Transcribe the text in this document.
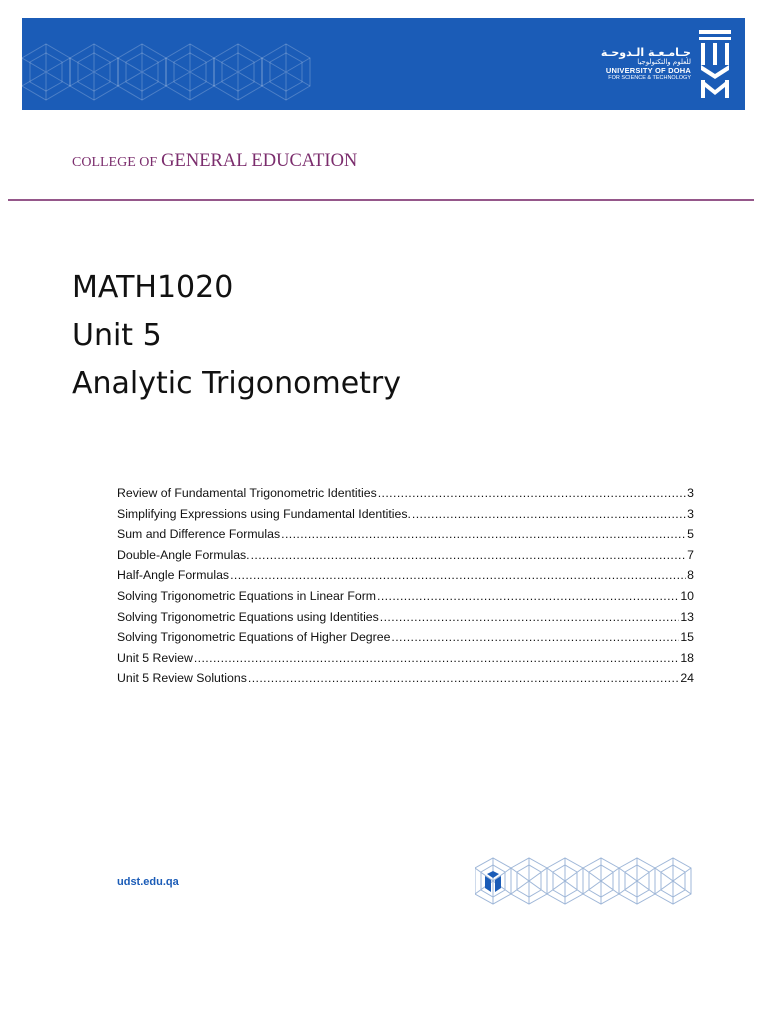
جـامـعـة الـدوحـة
للعلوم والتكنولوجيا
UNIVERSITY OF DOHA
FOR SCIENCE & TECHNOLOGY
COLLEGE OF GENERAL EDUCATION
MATH1020
Unit 5
Analytic Trigonometry
Review of Fundamental Trigonometric Identities .....	3
Simplifying Expressions using Fundamental Identities. .....	3
Sum and Difference Formulas .....	5
Double-Angle Formulas. .....	7
Half-Angle Formulas .....	8
Solving Trigonometric Equations in Linear Form .....	10
Solving Trigonometric Equations using Identities .....	13
Solving Trigonometric Equations of Higher Degree .....	15
Unit 5 Review .....	18
Unit 5 Review Solutions .....	24
udst.edu.qa
